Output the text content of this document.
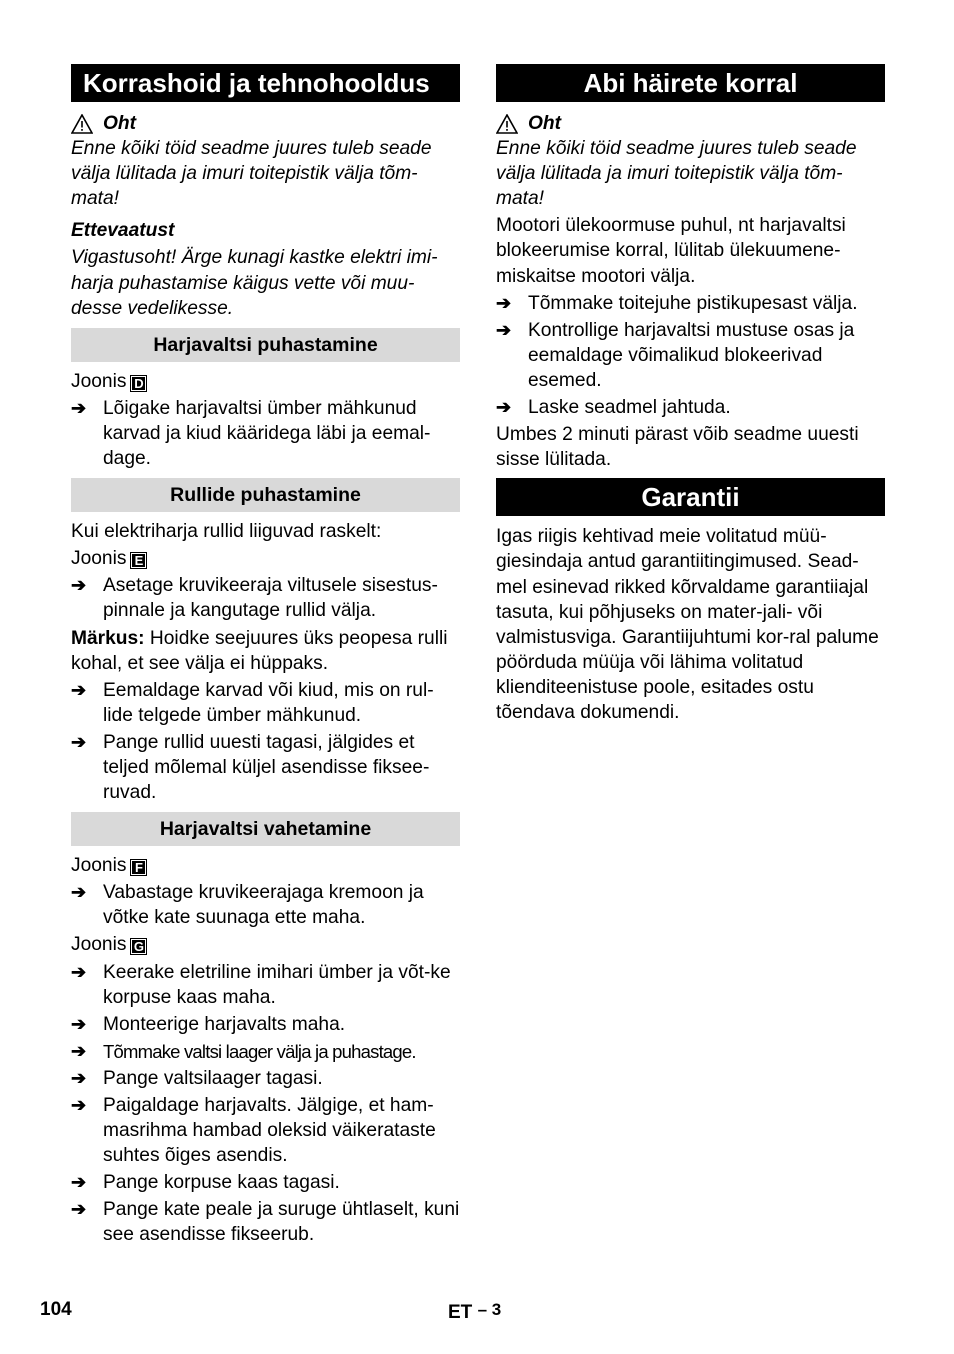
Korrashoid ja tehnohooldus
Oht
Enne kõiki töid seadme juures tuleb seade välja lülitada ja imuri toitepistik välja tõm-mata!
Ettevaatust
Vigastusoht! Ärge kunagi kastke elektri imi-harja puhastamise käigus vette või muu-desse vedelikesse.
Harjavaltsi puhastamine
Joonis D
➔ Lõigake harjavaltsi ümber mähkunud karvad ja kiud kääridega läbi ja eemal-dage.
Rullide puhastamine
Kui elektriharja rullid liiguvad raskelt:
Joonis E
➔ Asetage kruvikeeraja viltusele sisestus-pinnale ja kangutage rullid välja.
Märkus: Hoidke seejuures üks peopesa rulli kohal, et see välja ei hüppaks.
➔ Eemaldage karvad või kiud, mis on rul-lide telgede ümber mähkunud.
➔ Pange rullid uuesti tagasi, jälgides et teljed mõlemal küljel asendisse fiksee-ruvad.
Harjavaltsi vahetamine
Joonis F
➔ Vabastage kruvikeerajaga kremoon ja võtke kate suunaga ette maha.
Joonis G
➔ Keerake eletriline imihari ümber ja võt-ke korpuse kaas maha.
➔ Monteerige harjavalts maha.
➔ Tõmmake valtsi laager välja ja puhastage.
➔ Pange valtsilaager tagasi.
➔ Paigaldage harjavalts. Jälgige, et ham-masrihma hambad oleksid väikerataste suhtes õiges asendis.
➔ Pange korpuse kaas tagasi.
➔ Pange kate peale ja suruge ühtlaselt, kuni see asendisse fikseerub.
Abi häirete korral
Oht
Enne kõiki töid seadme juures tuleb seade välja lülitada ja imuri toitepistik välja tõm-mata!
Mootori ülekoormuse puhul, nt harjavaltsi blokeerumise korral, lülitab ülekuumene-miskaitse mootori välja.
➔ Tõmmake toitejuhe pistikupesast välja.
➔ Kontrollige harjavaltsi mustuse osas ja eemaldage võimalikud blokeerivad esemed.
➔ Laske seadmel jahtuda.
Umbes 2 minuti pärast võib seadme uuesti sisse lülitada.
Garantii
Igas riigis kehtivad meie volitatud müü-giesindaja antud garantiitingimused. Sead-mel esinevad rikked kõrvaldame garantiiajal tasuta, kui põhjuseks on mater-jali- või valmistusviga. Garantiijuhtumi kor-ral palume pöörduda müüja või lähima volitatud klienditeenistuse poole, esitades ostu tõendava dokumendi.
104	ET – 3
